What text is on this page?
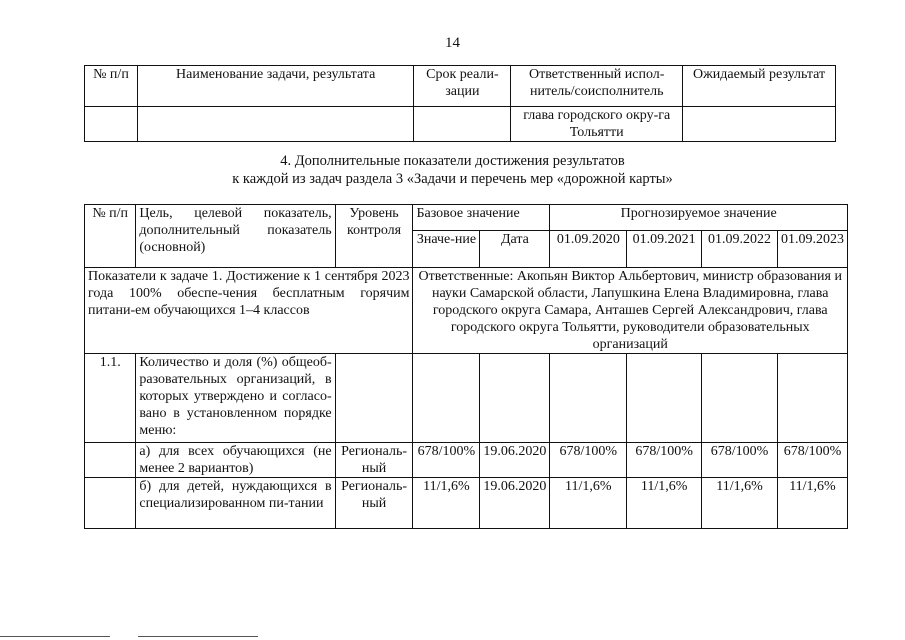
14
№ п/п	Наименование задачи, результата	Срок реали-зации	Ответственный испол-нитель/соисполнитель	Ожидаемый результат
			глава городского окру-га Тольятти	
4. Дополнительные показатели достижения результатов
к каждой из задач раздела 3 «Задачи и перечень мер «дорожной карты»
№ п/п	Цель, целевой показатель, дополнительный показатель (основной)	Уровень контроля	Базовое значение		Прогнозируемое значение			
			Значе-ние	Дата	01.09.2020	01.09.2021	01.09.2022	01.09.2023
Показатели к задаче 1. Достижение к 1 сентября 2023 года 100% обеспе-чения бесплатным горячим питани-ем обучающихся 1–4 классов			Ответственные: Акопьян Виктор Альбертович, министр образования и науки Самарской области, Лапушкина Елена Владимировна, глава городского округа Самара, Анташев Сергей Александрович, глава городского округа Тольятти, руководители образовательных организаций					
1.1.	Количество и доля (%) общеоб-разовательных организаций, в которых утверждено и согласо-вано в установленном порядке меню:							
	а) для всех обучающихся (не менее 2 вариантов)	Региональ-ный	678/100%	19.06.2020	678/100%	678/100%	678/100%	678/100%
	б) для детей, нуждающихся в специализированном пи-тании	Региональ-ный	11/1,6%	19.06.2020	11/1,6%	11/1,6%	11/1,6%	11/1,6%
